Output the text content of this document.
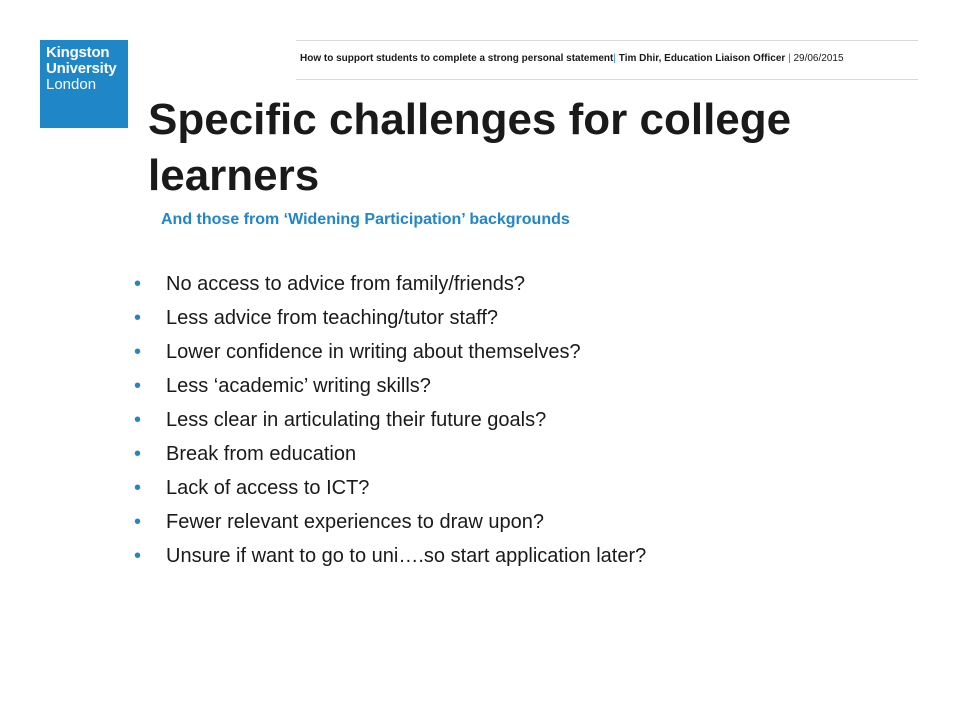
Kingston
University
London
How to support students to complete a strong personal statement| Tim Dhir, Education Liaison Officer | 29/06/2015
Specific challenges for college learners
And those from ‘Widening Participation’ backgrounds
• No access to advice from family/friends?
• Less advice from teaching/tutor staff?
• Lower confidence in writing about themselves?
• Less ‘academic’ writing skills?
• Less clear in articulating their future goals?
• Break from education
• Lack of access to ICT?
• Fewer relevant experiences to draw upon?
• Unsure if want to go to uni….so start application later?
